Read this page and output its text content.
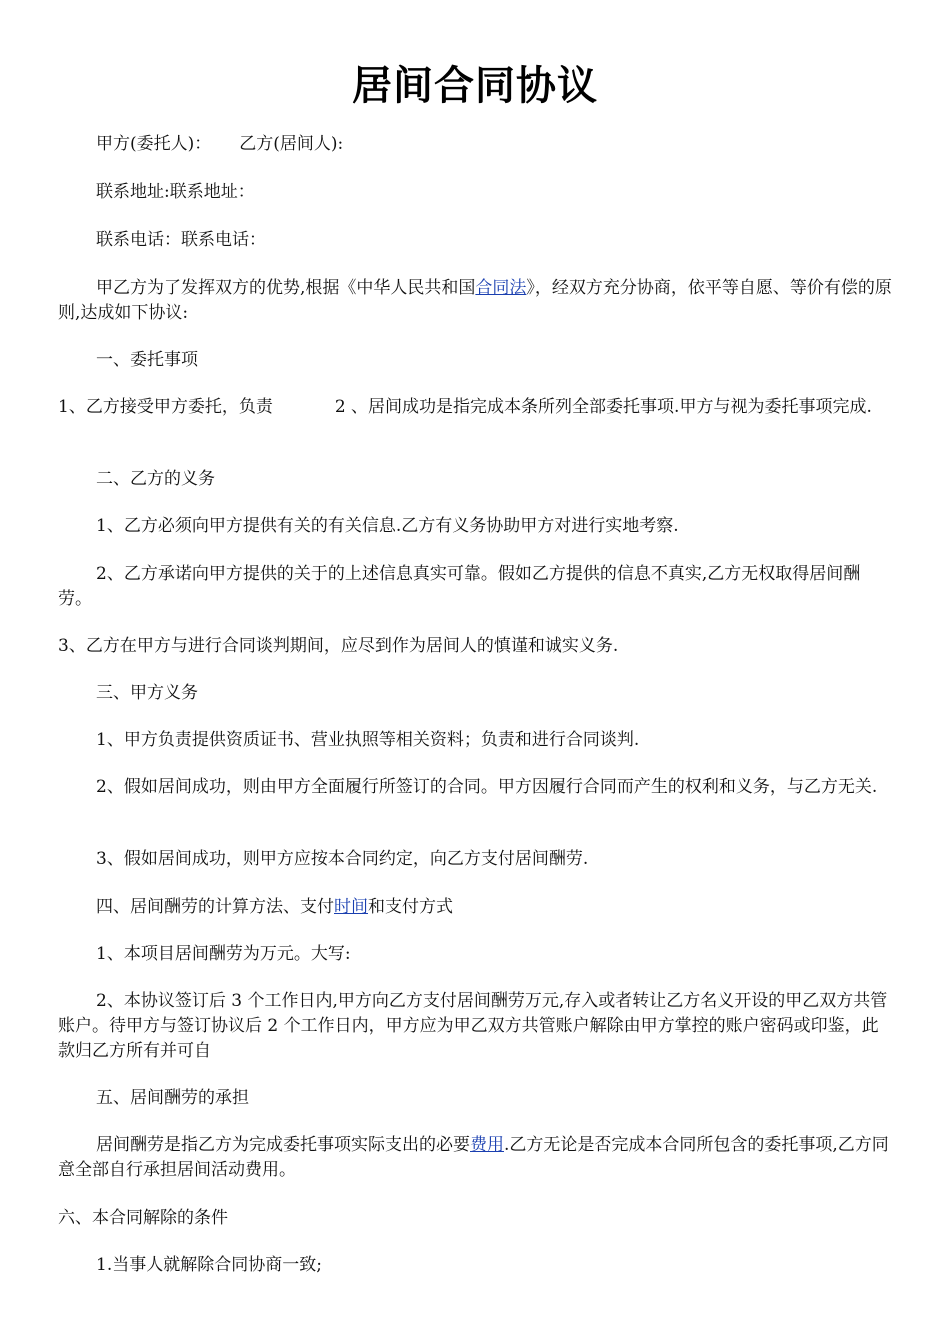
居间合同协议
甲方(委托人)： 乙方(居间人):
联系地址:联系地址：
联系电话：联系电话：
甲乙方为了发挥双方的优势,根据《中华人民共和国合同法》，经双方充分协商，依平等自愿、等价有偿的原则,达成如下协议:
一、委托事项
1、乙方接受甲方委托，负责	2 、居间成功是指完成本条所列全部委托事项.甲方与视为委托事项完成.
二、乙方的义务
1、乙方必须向甲方提供有关的有关信息.乙方有义务协助甲方对进行实地考察.
2、乙方承诺向甲方提供的关于的上述信息真实可靠。假如乙方提供的信息不真实,乙方无权取得居间酬劳。
3、乙方在甲方与进行合同谈判期间，应尽到作为居间人的慎谨和诚实义务.
三、甲方义务
1、甲方负责提供资质证书、营业执照等相关资料；负责和进行合同谈判.
2、假如居间成功，则由甲方全面履行所签订的合同。甲方因履行合同而产生的权利和义务，与乙方无关.
3、假如居间成功，则甲方应按本合同约定，向乙方支付居间酬劳.
四、居间酬劳的计算方法、支付时间和支付方式
1、本项目居间酬劳为万元。大写:
2、本协议签订后 3 个工作日内,甲方向乙方支付居间酬劳万元,存入或者转让乙方名义开设的甲乙双方共管账户。待甲方与签订协议后 2 个工作日内，甲方应为甲乙双方共管账户解除由甲方掌控的账户密码或印鉴，此款归乙方所有并可自
五、居间酬劳的承担
居间酬劳是指乙方为完成委托事项实际支出的必要费用.乙方无论是否完成本合同所包含的委托事项,乙方同意全部自行承担居间活动费用。
六、本合同解除的条件
1.当事人就解除合同协商一致;
